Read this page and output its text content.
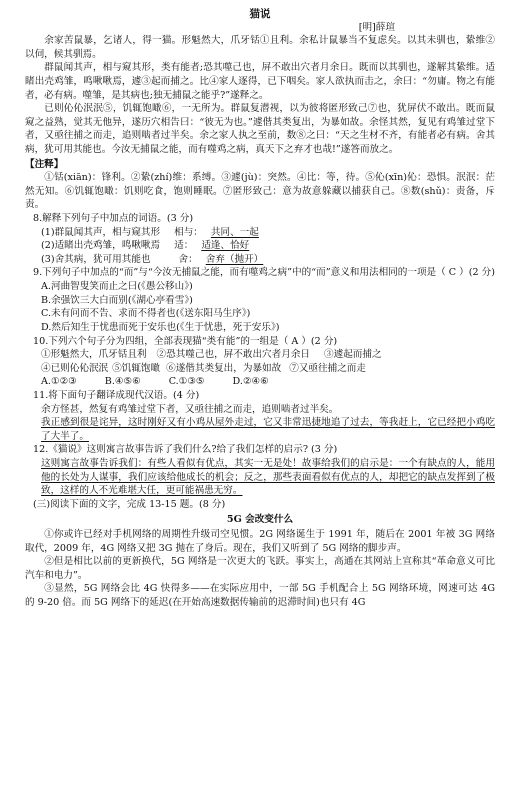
猫说

[明]薛瑄

余家苦鼠暴，乞诸人，得一猫。形魁然大，爪牙铦①且利。余私计鼠暴当不复虑矣。以其未驯也，絷维②以伺，候其驯焉。

群鼠闻其声，相与窥其形，类有能者;恐其噬己也，屏不敢出穴者月余日。既而以其驯也，遂解其絷维。适睹出壳鸡雏，鸣啾啾焉，遽③起而捕之。比④家人逐得，已下咽矣。家人欲执而击之，余曰：“勿庸。物之有能者，必有病。噬雏，是其病也;独无捕鼠之能乎?”遂释之。

已则伈伈泯泯⑤，饥辄饱噉⑥，一无所为。群鼠复潜视，以为彼将匿形致己⑦也，犹屏伏不敢出。既而鼠窥之益熟，觉其无他异，遂历穴相告曰：“彼无为也。”遽偕其类复出，为暴如故。余怪其然，复见有鸡雏过堂下者，又亟往捕之而走，追则啮者过半矣。余之家人执之至前，数⑧之曰：“天之生材不齐，有能者必有病。舍其病，犹可用其能也。今汝无捕鼠之能，而有噬鸡之病，真天下之弃才也哉!”遂答而放之。

【注释】

①铦(xiān)：锋利。②絷(zhí)维：系缚。③遽(jù)：突然。④比：等，待。⑤伈(xīn)伈：恐惧。泯泯：茫然无知。⑥饥辄饱噉：饥则吃食，饱则睡眠。⑦匿形致己：意为故意躲藏以捕获自己。⑧数(shǔ)：责备，斥责。

8.解释下列句子中加点的词语。(3 分)

(1)群鼠闻其声，相与窥其形 相与： 共同、一起
(2)适睹出壳鸡雏，鸣啾啾焉 适： 适逢、恰好
(3)舍其病，犹可用其能也	舍： 舍弃（抛开）

9.下列句子中加点的“而”与“今汝无捕鼠之能，而有噬鸡之病”中的“而”意义和用法相同的一项是（ C ）(2 分)

A.河曲智叟笑而止之曰(《愚公移山》)

B.余强饮三大白而别(《湖心亭看雪》)

C.未有问而不告、求而不得者也(《送东阳马生序》)

D.然后知生于忧患而死于安乐也(《生于忧患，死于安乐》)

10.下列六个句子分为四组，全部表现猫“类有能”的一组是（ A ）(2 分)

①形魁然大，爪牙铦且利 ②恐其噬己也，屏不敢出穴者月余日 ③遽起而捕之
④已则伈伈泯泯 ⑤饥辄饱噉 ⑥遂偕其类复出，为暴如故 ⑦又亟往捕之而走
A.①②③	B.④⑤⑥	C.①③⑤	D.②④⑥

11.将下面句子翻译成现代汉语。(4 分)

余方怪甚，然复有鸡雏过堂下者，又亟往捕之而走，追则啮者过半矣。

我正感到很是诧异，这时刚好又有小鸡从屋外走过，它又非常迅捷地追了过去，等我赶上，它已经把小鸡吃了大半了。

12.《猫说》这则寓言故事告诉了我们什么?给了我们怎样的启示? (3 分)

这则寓言故事告诉我们：有些人看似有优点，其实一无是处！故事给我们的启示是：一个有缺点的人，能用他的长处为人谋事，我们应该给他成长的机会；反之，那些表面看似有优点的人，却把它的缺点发挥到了极致，这样的人不光难堪大任，更可能祸患无穷。

(三)阅读下面的文字，完成 13-15 题。(8 分)

5G 会改变什么

①你或许已经对手机网络的周期性升级司空见惯。2G 网络诞生于 1991 年，随后在 2001 年被 3G 网络取代，2009 年，4G 网络又把 3G 抛在了身后。现在，我们又听到了 5G 网络的脚步声。

②但是相比以前的更新换代，5G 网络是一次更大的飞跃。事实上，高通在其网站上宣称其“革命意义可比汽车和电力”。

③显然，5G 网络会比 4G 快得多——在实际应用中，一部 5G 手机配合上 5G 网络环境，网速可达 4G 的 9-20 倍。而 5G 网络下的延迟(在开始高速数据传输前的迟滞时间)也只有 4G
